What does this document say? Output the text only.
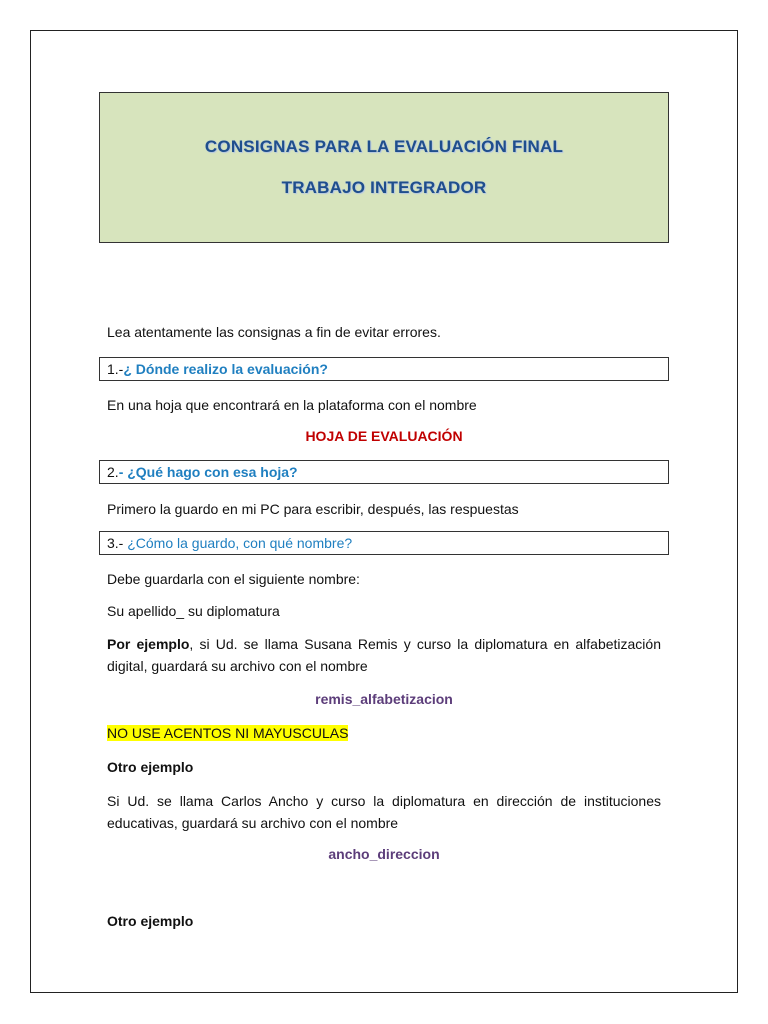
CONSIGNAS PARA LA EVALUACIÓN FINAL
TRABAJO INTEGRADOR
Lea atentamente las consignas a fin de evitar errores.
1.-¿ Dónde realizo la evaluación?
En una hoja que encontrará en la plataforma con el nombre
HOJA DE EVALUACIÓN
2.- ¿Qué hago con esa hoja?
Primero la guardo en mi PC para escribir, después, las respuestas
3.- ¿Cómo la guardo, con qué nombre?
Debe guardarla con el siguiente nombre:
Su apellido_ su diplomatura
Por ejemplo, si Ud. se llama Susana Remis y curso la diplomatura en alfabetización digital, guardará su archivo con el nombre
remis_alfabetizacion
NO USE ACENTOS NI MAYUSCULAS
Otro ejemplo
Si Ud. se llama Carlos Ancho y curso la diplomatura en dirección de instituciones educativas, guardará su archivo con el nombre
ancho_direccion
Otro ejemplo
